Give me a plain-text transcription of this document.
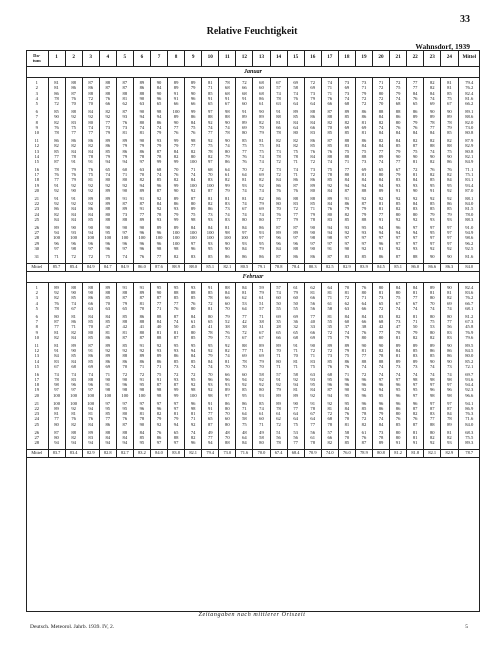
33
Relative Feuchtigkeit
Wahnsdorf, 1939
Da-
tum	1	2	3	4	5	6	7	8	9	10	11	12	13	14	15	16	17	18	19	20	21	22	23	24	Mittel
Januar																									

1	81	88	87	88	87	89	90	89	89	81	78	72	68	67	69	72	74	73	73	71	72	77	82	81	79.4
2	81	86	86	87	87	86	84	89	79	71	68	66	60	57	58	69	71	69	71	72	75	77	82	81	76.2
3	86	87	88	88	88	88	90	91	90	85	68	68	68	74	74	73	71	73	79	80	79	84	84	85	82.4
4	78	76	72	76	81	90	96	91	96	91	91	91	86	78	76	79	76	74	72	72	74	76	74	75	81.6
5	72	70	70	66	62	63	65	66	66	65	67	60	61	63	64	64	66	68	72	70	68	65	69	67	66.2

6	85	88	84	82	87	90	98	100	99	97	98	91	90	91	89	88	87	89	86	88	88	86	90	90	89.1
7	90	92	92	92	93	94	94	89	86	88	88	89	89	88	85	86	88	85	86	84	86	89	89	89	88.6
8	82	83	80	77	76	80	86	90	84	92	90	89	82	81	84	84	82	82	81	82	80	79	78	78	82.0
9	76	75	74	73	73	74	74	77	75	74	74	69	70	66	64	66	70	69	69	74	76	76	77	79	73.0
10	78	77	77	79	81	81	79	76	76	77	78	80	79	78	80	83	85	85	81	84	84	84	84	85	80.8

11	86	86	86	89	89	90	93	99	98	92	90	85	81	82	82	86	87	88	86	82	84	82	82	82	87.9
12	82	82	82	86	79	79	79	79	77	75	74	75	75	81	82	85	85	83	84	84	85	87	88	88	82.9
13	85	84	84	85	86	86	87	84	82	78	80	77	75	73	75	76	76	75	75	77	79	75	74	75	80.8
14	77	78	78	79	79	78	78	82	80	82	79	76	74	78	78	84	88	88	88	89	90	90	90	90	82.1
15	87	91	91	94	94	97	99	99	100	97	86	76	74	72	71	72	74	71	73	74	77	81	82	86	84.9

16	78	79	76	65	60	63	68	70	71	68	64	70	72	73	74	73	75	77	69	65	67	72	76	76	71.1
17	76	76	75	74	71	70	74	76	74	70	61	64	69	72	71	72	78	80	81	80	79	81	82	82	75.1
18	77	79	81	80	80	82	85	82	84	83	82	81	82	84	86	86	85	84	84	84	83	84	85	84	83.1
19	91	92	92	92	92	94	96	99	100	100	99	93	92	86	87	89	92	94	94	94	93	93	95	95	93.4
20	92	90	92	89	90	89	87	90	92	87	79	74	74	76	76	80	84	87	88	89	91	90	91	92	87.0

21	91	91	89	89	91	91	92	89	87	81	81	81	82	86	88	88	89	91	92	92	92	92	92	92	88.1
22	92	92	92	89	87	87	84	86	80	82	83	74	79	80	83	85	84	86	87	81	85	84	85	86	84.0
23	86	84	86	88	89	91	92	93	89	86	73	67	69	70	72	71	76	79	79	81	82	83	85	85	81.5
24	82	84	84	80	73	77	78	79	75	73	74	74	74	76	77	79	80	82	79	77	80	80	79	79	78.0
25	84	84	85	88	88	89	93	99	98	93	83	80	80	77	79	78	83	85	88	91	92	92	93	93	88.3

26	89	90	90	90	90	90	89	89	84	84	81	84	86	87	87	90	94	93	95	94	96	97	97	97	91.0
27	94	93	94	95	97	96	96	100	100	100	98	97	93	89	89	90	94	92	93	94	94	94	95	97	94.9
28	100	100	100	100	100	100	100	100	100	100	100	100	97	96	97	98	98	97	97	97	97	97	97	97	98.6
29	96	96	96	96	96	96	96	100	97	93	90	93	95	96	96	97	97	97	97	96	97	97	97	97	96.2
30	97	98	97	96	97	96	98	98	96	95	90	84	79	84	88	90	91	90	92	91	92	93	92	92	92.5

31	71	72	72	75	74	76	77	82	83	85	86	86	86	87	86	86	87	83	85	86	87	88	90	90	81.6

Mittel	85.7	85.4	84.9	84.7	84.9	86.0	87.6	88.9	88.0	85.1	82.1	80.5	79.1	78.8	78.4	80.3	82.5	82.9	83.9	84.5	85.1	86.0	86.6	86.3	84.0
Februar																									

1	89	88	88	89	91	91	95	95	93	91	88	84	59	57	61	62	64	70	76	80	84	84	89	90	82.4
2	92	90	90	88	88	89	90	88	88	85	84	81	79	74	79	81	81	81	80	81	80	81	81	81	83.6
3	82	85	86	85	87	87	87	85	85	78	66	62	61	60	60	66	71	72	71	73	75	77	80	82	76.2
4	76	74	66	70	79	81	77	77	76	72	60	53	51	50	50	56	61	62	64	65	67	67	70	69	66.7
5	78	67	63	63	65	70	71	76	80	81	70	64	57	55	55	56	58	63	66	72	74	74	74	74	68.1

6	80	81	84	84	85	86	88	87	84	80	79	77	71	69	69	77	81	84	84	83	82	81	80	80	81.2
7	87	86	85	85	88	88	84	74	61	65	52	42	38	35	36	40	55	60	66	68	73	71	75	77	67.3
8	77	71	70	47	42	41	40	50	45	41	38	38	31	28	32	33	35	37	38	42	47	50	53	56	45.8
9	81	82	80	81	81	80	81	81	80	78	76	72	67	65	65	66	72	74	76	77	78	79	80	83	76.9
10	82	84	85	86	87	87	88	87	85	79	73	67	67	66	68	69	75	79	80	80	81	82	82	83	79.6

11	81	89	87	89	85	91	92	95	95	95	92	88	89	89	91	90	89	89	90	90	89	89	89	90	89.5
12	91	90	91	92	92	92	93	93	94	92	82	77	71	70	71	72	72	79	81	82	84	85	86	86	84.5
13	84	85	86	89	88	89	89	86	84	79	74	69	69	71	70	71	73	75	77	78	81	83	85	86	80.0
14	83	84	85	86	86	86	86	85	85	84	81	78	79	80	81	83	85	86	88	88	89	89	90	90	85.2
15	67	68	69	69	70	71	71	73	74	74	70	70	70	71	71	75	76	76	74	74	73	73	74	73	72.1

16	74	74	74	71	72	72	75	72	72	70	66	60	58	57	58	63	68	71	72	74	74	74	74	74	69.7
17	78	83	88	90	90	91	91	93	95	96	96	94	92	91	92	93	95	96	96	97	97	98	98	98	93.6
18	98	96	96	91	96	95	87	87	92	93	93	92	92	92	94	95	96	96	96	96	96	97	97	97	94.4
19	97	97	97	98	98	98	98	99	98	92	89	85	80	79	81	84	87	90	92	94	95	95	96	96	92.3
20	100	100	100	100	100	100	98	99	100	98	97	95	93	89	89	92	94	95	96	95	96	97	98	98	96.6

21	100	100	100	97	97	97	97	97	96	91	86	86	85	89	90	91	92	95	96	96	96	96	97	97	94.1
22	89	92	94	95	95	96	96	97	98	91	80	71	74	78	77	78	81	84	85	86	86	87	87	87	86.9
23	81	81	81	85	80	81	82	81	81	77	70	64	61	61	64	67	72	76	78	79	80	82	83	84	76.3
24	77	76	76	77	76	78	79	79	71	65	60	58	60	62	64	64	68	70	72	74	76	76	77	78	71.6
25	80	82	84	86	87	90	92	94	92	87	80	75	71	72	75	77	78	81	82	84	85	87	88	89	84.0

26	87	88	89	88	88	84	76	65	74	49	48	48	49	51	53	56	57	58	61	73	80	81	80	81	68.3
27	80	82	83	84	84	85	86	88	82	77	70	64	58	56	56	61	66	70	76	78	80	81	82	82	75.5
28	94	94	94	94	94	95	97	97	96	94	88	84	80	78	77	78	82	85	87	89	91	91	92	93	89.3

Mittel	83.7	83.4	82.9	82.8	82.7	83.2	84.0	83.8	82.1	79.4	73.0	71.6	70.0	67.4	68.4	70.9	74.0	76.0	78.9	80.8	81.2	81.8	82.1	82.9	78.7
Zeitangaben nach mittlerer Ortszeit
Deutsch. Meteorol. Jahrb. 1939. IV, 2.	5
